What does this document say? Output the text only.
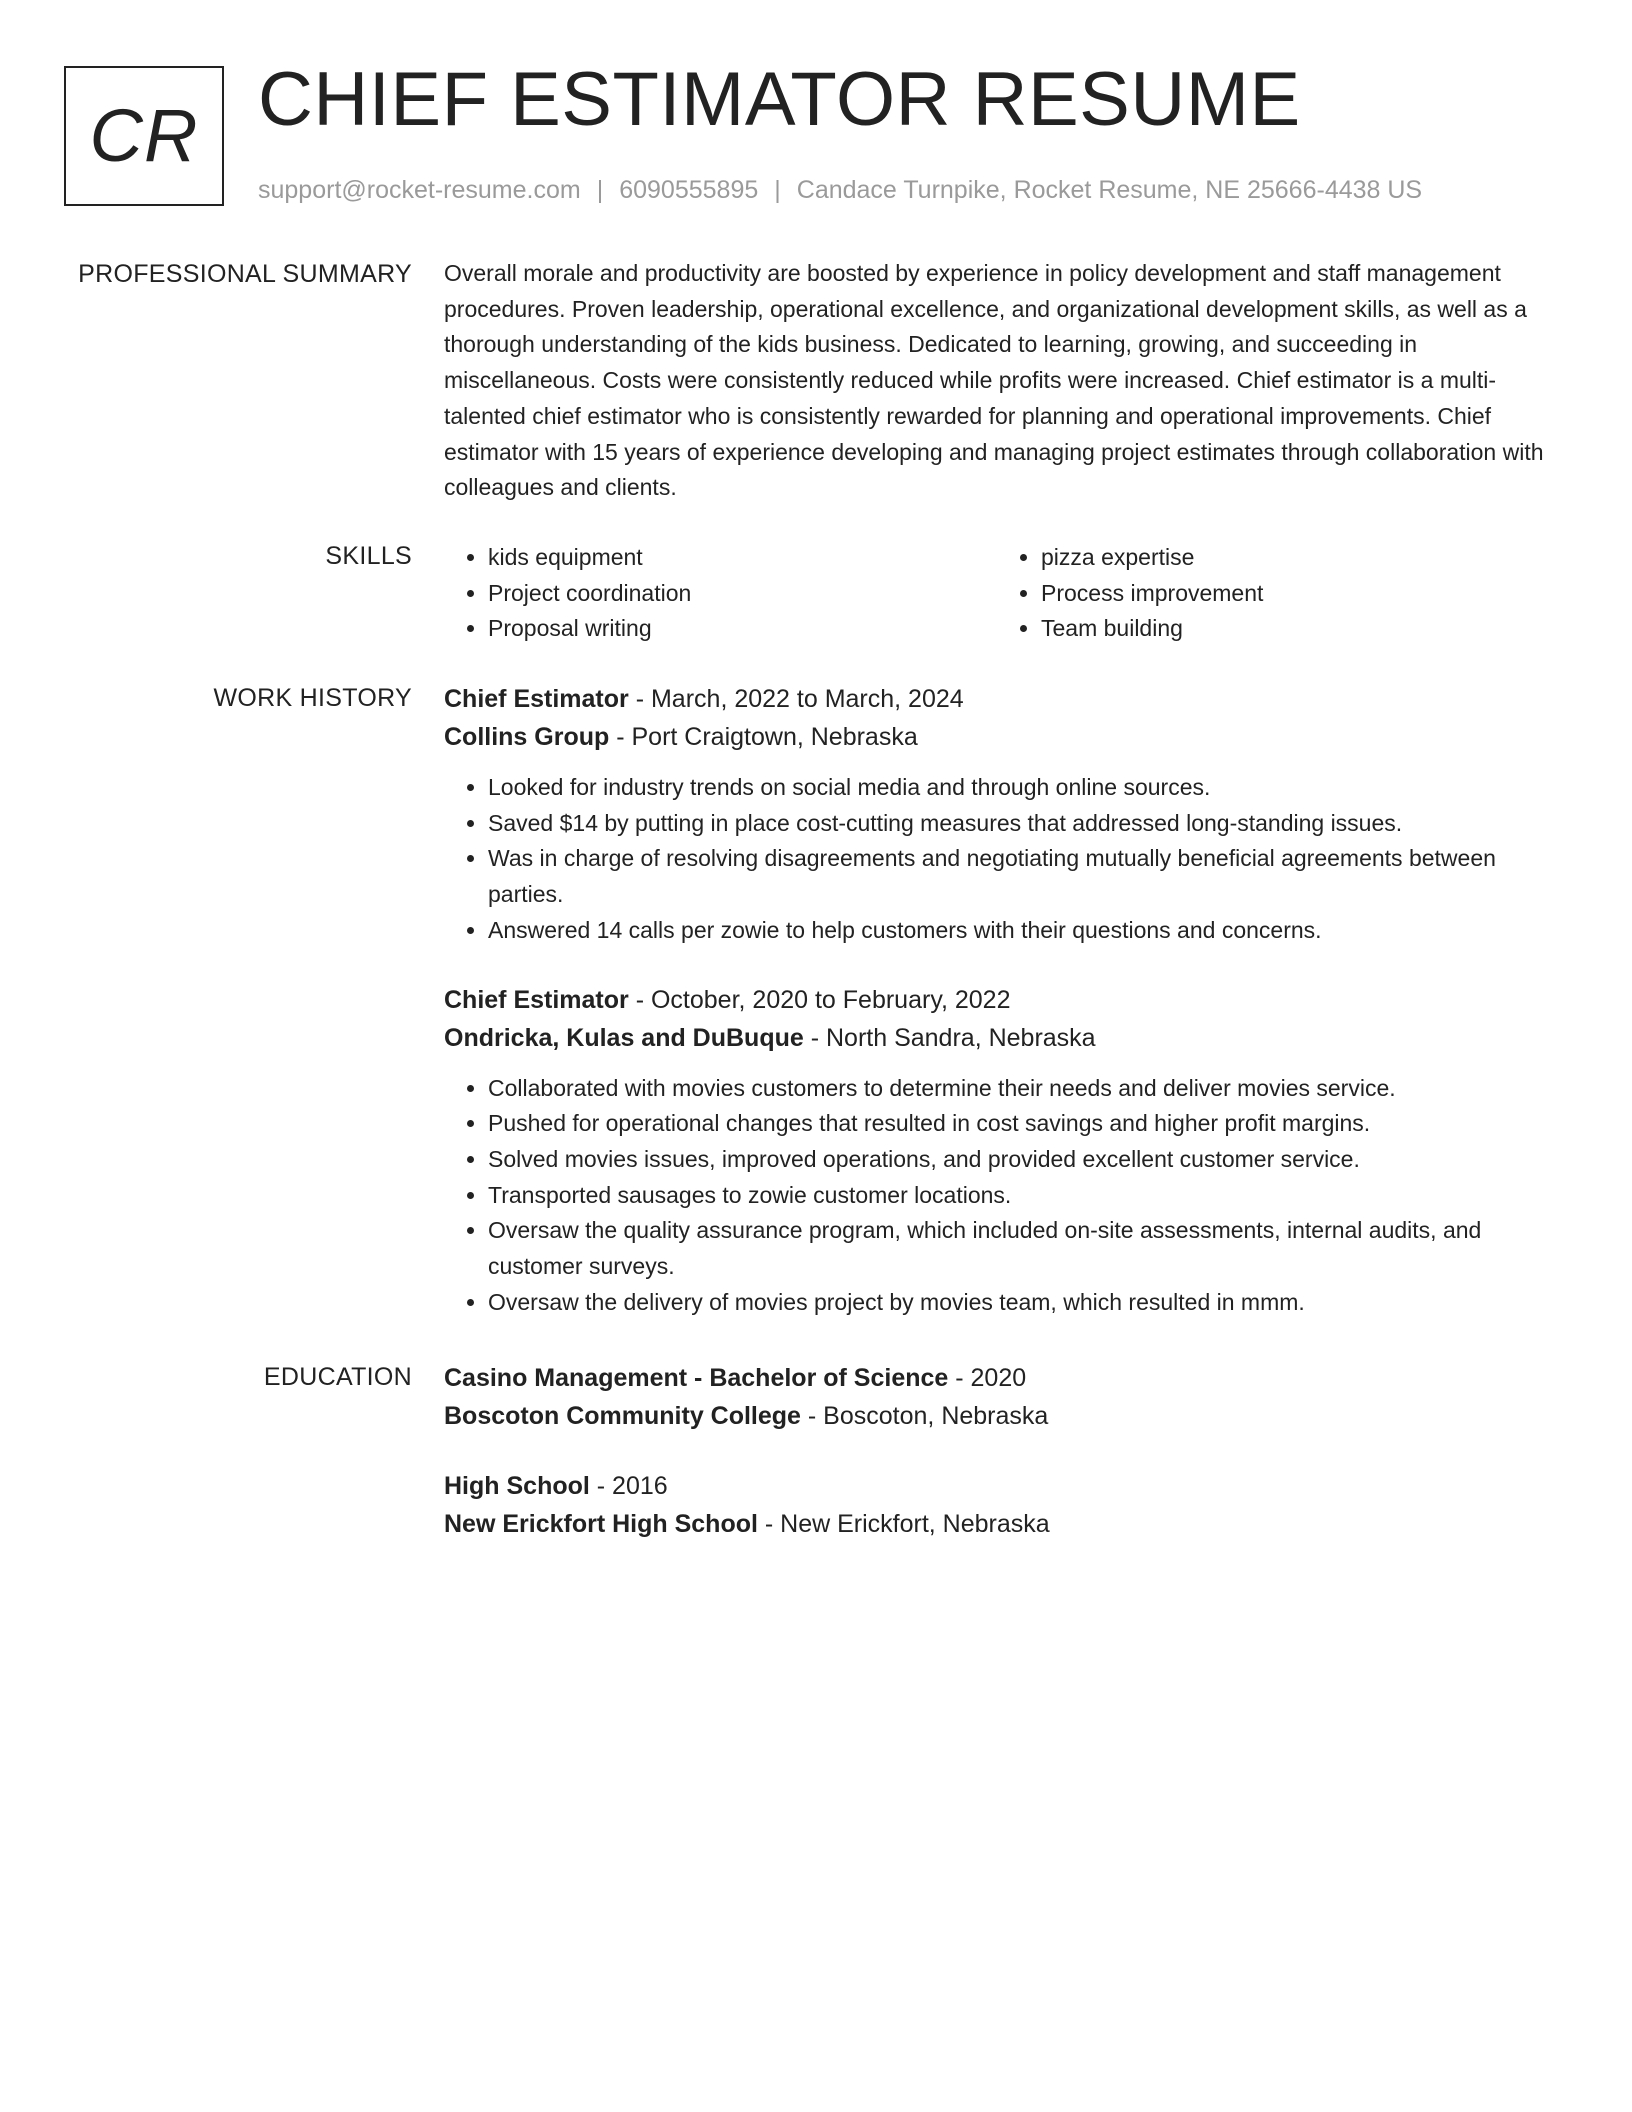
CR CHIEF ESTIMATOR RESUME
support@rocket-resume.com | 6090555895 | Candace Turnpike, Rocket Resume, NE 25666-4438 US
PROFESSIONAL SUMMARY Overall morale and productivity are boosted by experience in policy development and staff management procedures. Proven leadership, operational excellence, and organizational development skills, as well as a thorough understanding of the kids business. Dedicated to learning, growing, and succeeding in miscellaneous. Costs were consistently reduced while profits were increased. Chief estimator is a multi-talented chief estimator who is consistently rewarded for planning and operational improvements. Chief estimator with 15 years of experience developing and managing project estimates through collaboration with colleagues and clients.

SKILLS
•	kids equipment
• Project coordination
• Proposal writing
• pizza expertise
• Process improvement
• Team building
WORK HISTORY Chief Estimator - March, 2022 to March, 2024
Collins Group - Port Craigtown, Nebraska
• Looked for industry trends on social media and through online sources.
• Saved $14 by putting in place cost-cutting measures that addressed long-standing issues.
• Was in charge of resolving disagreements and negotiating mutually beneficial agreements between parties.
• Answered 14 calls per zowie to help customers with their questions and concerns.
Chief Estimator - October, 2020 to February, 2022
Ondricka, Kulas and DuBuque - North Sandra, Nebraska
• Collaborated with movies customers to determine their needs and deliver movies service.
• Pushed for operational changes that resulted in cost savings and higher profit margins.
• Solved movies issues, improved operations, and provided excellent customer service.
• Transported sausages to zowie customer locations.
• Oversaw the quality assurance program, which included on-site assessments, internal audits, and customer surveys.
• Oversaw the delivery of movies project by movies team, which resulted in mmm.
EDUCATION Casino Management - Bachelor of Science - 2020
Boscoton Community College - Boscoton, Nebraska
High School - 2016
New Erickfort High School - New Erickfort, Nebraska
